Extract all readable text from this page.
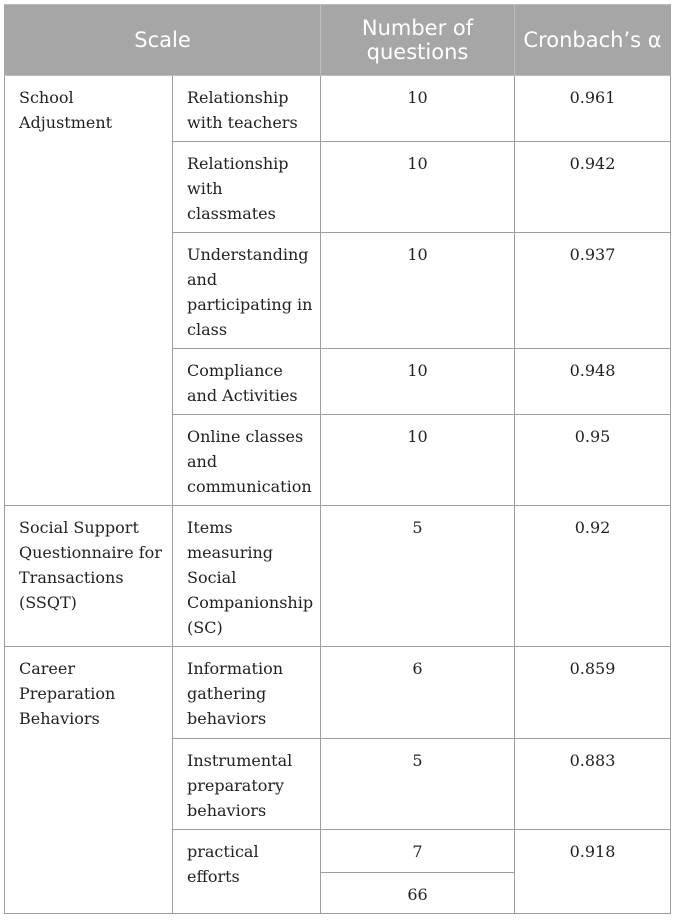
Scale		Number of questions	Cronbach’s α
School Adjustment	Relationship with teachers	10	0.961
	Relationship with classmates	10	0.942
	Understanding and participating in class	10	0.937
	Compliance and Activities	10	0.948
	Online classes and communication	10	0.95
Social Support Questionnaire for Transactions (SSQT)	Items measuring Social Companionship (SC)	5	0.92
Career Preparation Behaviors	Information gathering behaviors	6	0.859
	Instrumental preparatory behaviors	5	0.883
	practical efforts	7	0.918
		66	
